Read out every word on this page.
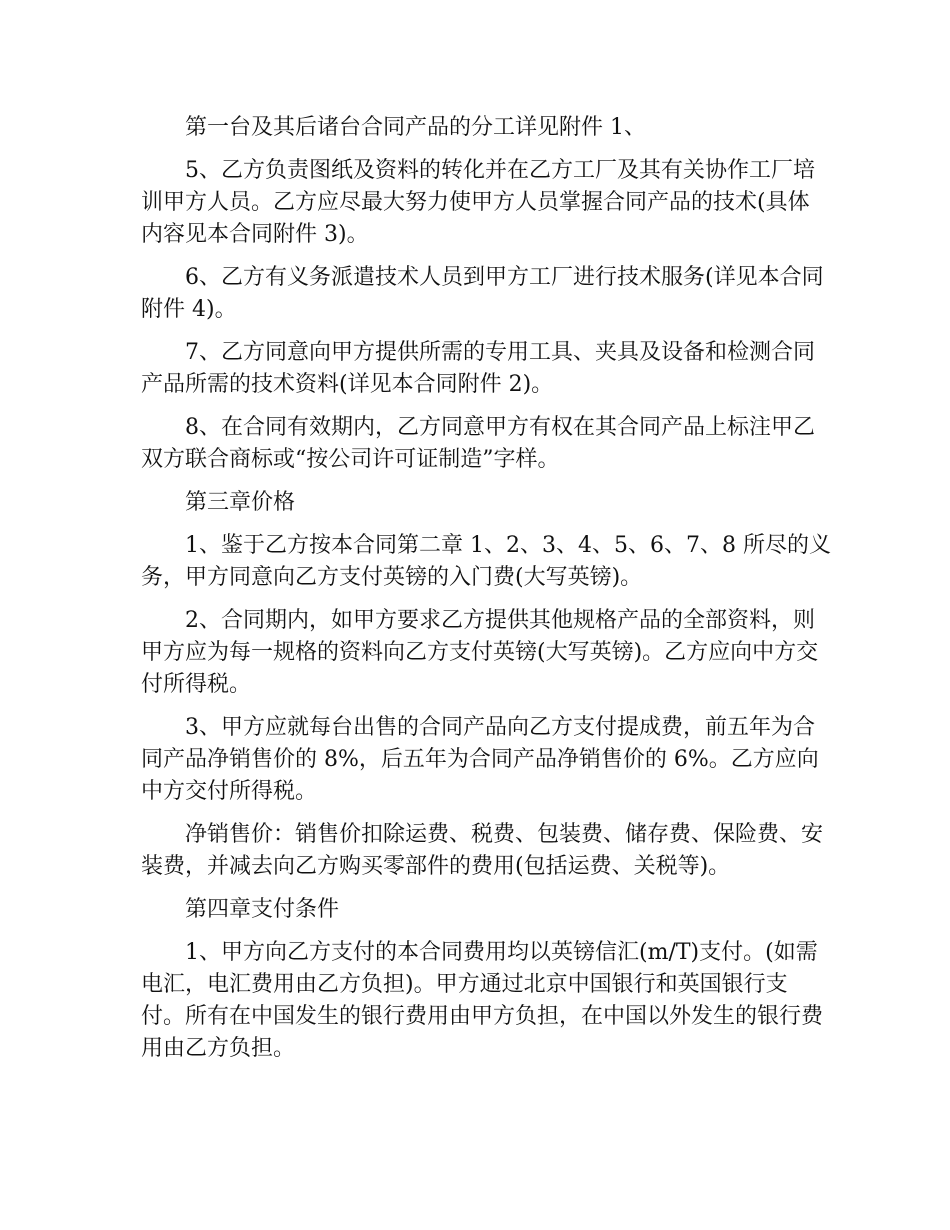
第一台及其后诸台合同产品的分工详见附件 1、

5、乙方负责图纸及资料的转化并在乙方工厂及其有关协作工厂培训甲方人员。乙方应尽最大努力使甲方人员掌握合同产品的技术(具体内容见本合同附件 3)。

6、乙方有义务派遣技术人员到甲方工厂进行技术服务(详见本合同附件 4)。

7、乙方同意向甲方提供所需的专用工具、夹具及设备和检测合同产品所需的技术资料(详见本合同附件 2)。

8、在合同有效期内，乙方同意甲方有权在其合同产品上标注甲乙双方联合商标或“按公司许可证制造”字样。

第三章价格

1、鉴于乙方按本合同第二章 1、2、3、4、5、6、7、8 所尽的义务，甲方同意向乙方支付英镑的入门费(大写英镑)。

2、合同期内，如甲方要求乙方提供其他规格产品的全部资料，则甲方应为每一规格的资料向乙方支付英镑(大写英镑)。乙方应向中方交付所得税。

3、甲方应就每台出售的合同产品向乙方支付提成费，前五年为合同产品净销售价的 8%，后五年为合同产品净销售价的 6%。乙方应向中方交付所得税。

净销售价：销售价扣除运费、税费、包装费、储存费、保险费、安装费，并减去向乙方购买零部件的费用(包括运费、关税等)。

第四章支付条件

1、甲方向乙方支付的本合同费用均以英镑信汇(m/T)支付。(如需电汇，电汇费用由乙方负担)。甲方通过北京中国银行和英国银行支付。所有在中国发生的银行费用由甲方负担，在中国以外发生的银行费用由乙方负担。
